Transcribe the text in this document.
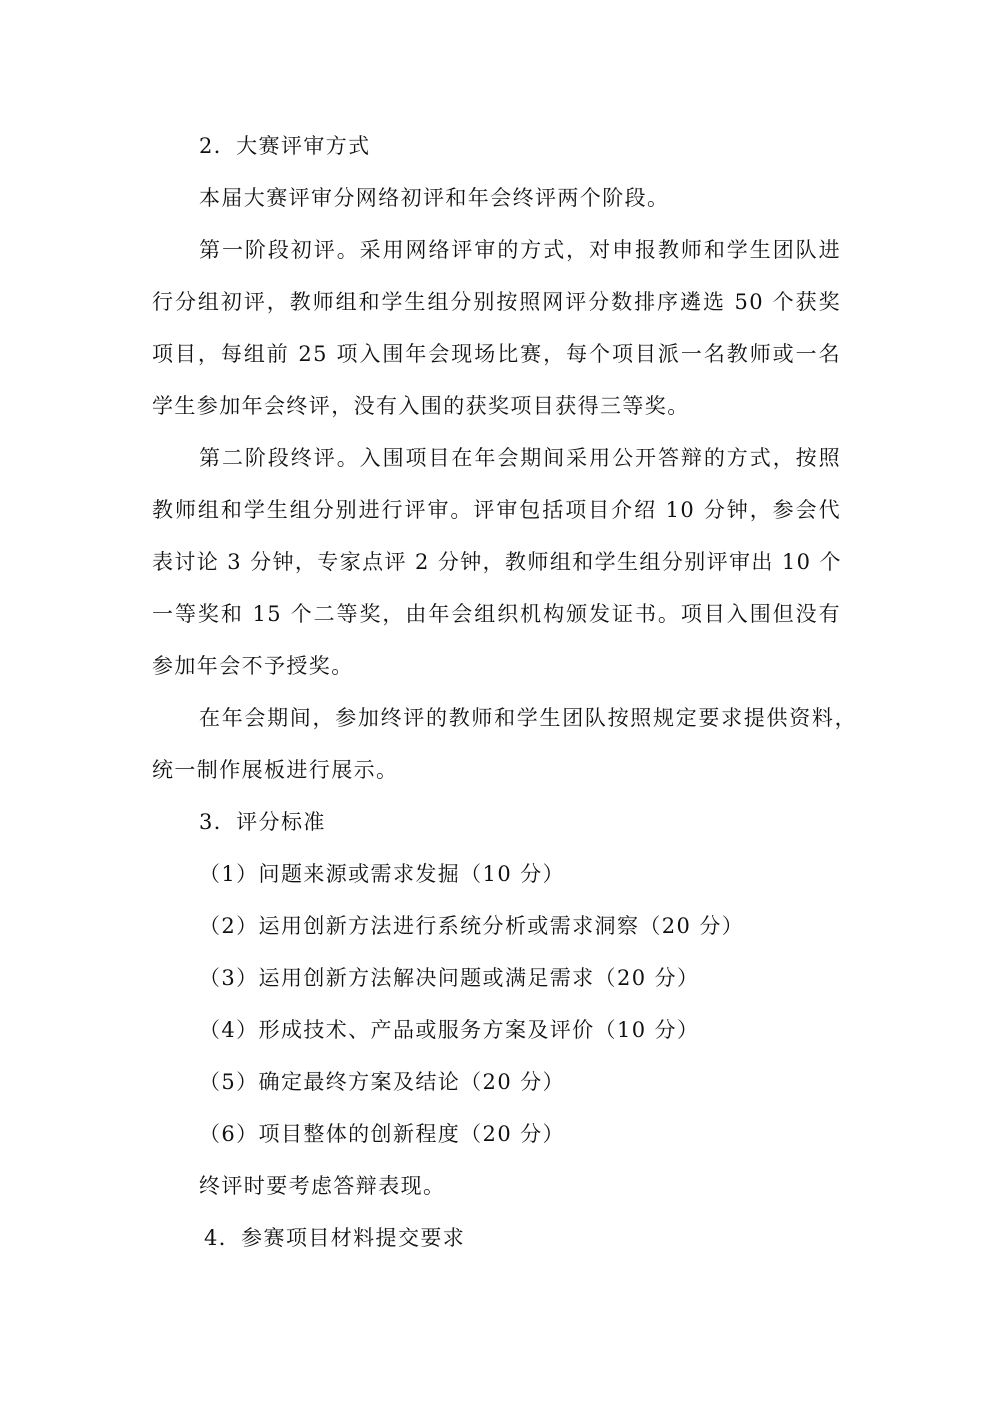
2．大赛评审方式
本届大赛评审分网络初评和年会终评两个阶段。
第一阶段初评。采用网络评审的方式，对申报教师和学生团队进
行分组初评，教师组和学生组分别按照网评分数排序遴选 50 个获奖
项目，每组前 25 项入围年会现场比赛，每个项目派一名教师或一名
学生参加年会终评，没有入围的获奖项目获得三等奖。
第二阶段终评。入围项目在年会期间采用公开答辩的方式，按照
教师组和学生组分别进行评审。评审包括项目介绍 10 分钟，参会代
表讨论 3 分钟，专家点评 2 分钟，教师组和学生组分别评审出 10 个
一等奖和 15 个二等奖，由年会组织机构颁发证书。项目入围但没有
参加年会不予授奖。
在年会期间，参加终评的教师和学生团队按照规定要求提供资料，
统一制作展板进行展示。
3．评分标准
（1）问题来源或需求发掘（10 分）
（2）运用创新方法进行系统分析或需求洞察（20 分）
（3）运用创新方法解决问题或满足需求（20 分）
（4）形成技术、产品或服务方案及评价（10 分）
（5）确定最终方案及结论（20 分）
（6）项目整体的创新程度（20 分）
终评时要考虑答辩表现。
4．参赛项目材料提交要求
